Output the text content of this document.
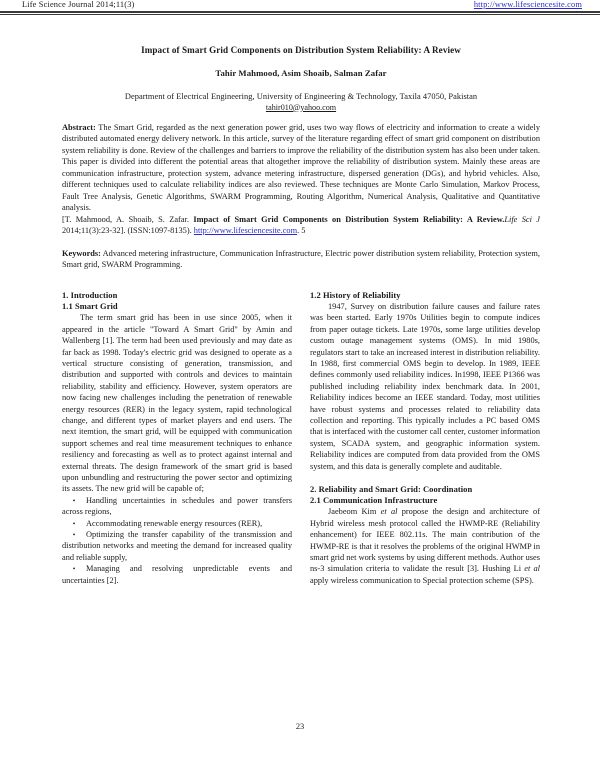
Life Science Journal 2014;11(3)	http://www.lifesciencesite.com
Impact of Smart Grid Components on Distribution System Reliability: A Review
Tahir Mahmood, Asim Shoaib, Salman Zafar
Department of Electrical Engineering, University of Engineering & Technology, Taxila 47050, Pakistan
tahir010@yahoo.com
Abstract: The Smart Grid, regarded as the next generation power grid, uses two way flows of electricity and information to create a widely distributed automated energy delivery network. In this article, survey of the literature regarding effect of smart grid component on distribution system reliability is done. Review of the challenges and barriers to improve the reliability of the distribution system has also been under taken. This paper is divided into different the potential areas that altogether improve the reliability of distribution system. Mainly these areas are communication infrastructure, protection system, advance metering infrastructure, dispersed generation (DGs), and hybrid vehicles. Also, different techniques used to calculate reliability indices are also reviewed. These techniques are Monte Carlo Simulation, Markov Process, Fault Tree Analysis, Genetic Algorithms, SWARM Programming, Routing Algorithm, Numerical Analysis, Qualitative and Quantitative analysis.
[T. Mahmood, A. Shoaib, S. Zafar. Impact of Smart Grid Components on Distribution System Reliability: A Review.Life Sci J 2014;11(3):23-32]. (ISSN:1097-8135). http://www.lifesciencesite.com. 5
Keywords: Advanced metering infrastructure, Communication Infrastructure, Electric power distribution system reliability, Protection system, Smart grid, SWARM Programming.
1. Introduction
1.1 Smart Grid
The term smart grid has been in use since 2005, when it appeared in the article "Toward A Smart Grid" by Amin and Wallenberg [1]. The term had been used previously and may date as far back as 1998. Today's electric grid was designed to operate as a vertical structure consisting of generation, transmission, and distribution and supported with controls and devices to maintain reliability, stability and efficiency. However, system operators are now facing new challenges including the penetration of renewable energy resources (RER) in the legacy system, rapid technological change, and different types of market players and end users. The next itemtion, the smart grid, will be equipped with communication support schemes and real time measurement techniques to enhance resiliency and forecasting as well as to protect against internal and external threats. The design framework of the smart grid is based upon unbundling and restructuring the power sector and optimizing its assets. The new grid will be capable of;
• Handling uncertainties in schedules and power transfers across regions,
• Accommodating renewable energy resources (RER),
• Optimizing the transfer capability of the transmission and distribution networks and meeting the demand for increased quality and reliable supply,
• Managing and resolving unpredictable events and uncertainties [2].
1.2 History of Reliability
1947, Survey on distribution failure causes and failure rates was been started. Early 1970s Utilities begin to compute indices from paper outage tickets. Late 1970s, some large utilities develop custom outage management systems (OMS). In mid 1980s, regulators start to take an increased interest in distribution reliability. In 1988, first commercial OMS begin to develop. In 1989, IEEE defines commonly used reliability indices. In1998, IEEE P1366 was published including reliability index benchmark data. In 2001, Reliability indices become an IEEE standard. Today, most utilities have robust systems and processes related to reliability data collection and reporting. This typically includes a PC based OMS that is interfaced with the customer call center, customer information system, SCADA system, and geographic information system. Reliability indices are computed from data provided from the OMS system, and this data is generally complete and auditable.
2. Reliability and Smart Grid: Coordination
2.1 Communication Infrastructure
Jaebeom Kim et al propose the design and architecture of Hybrid wireless mesh protocol called the HWMP-RE (Reliability enhancement) for IEEE 802.11s. The main contribution of the HWMP-RE is that it resolves the problems of the original HWMP in smart grid net work systems by using different methods. Author uses ns-3 simulation criteria to validate the result [3]. Hushing Li et al apply wireless communication to Special protection scheme (SPS).
23
